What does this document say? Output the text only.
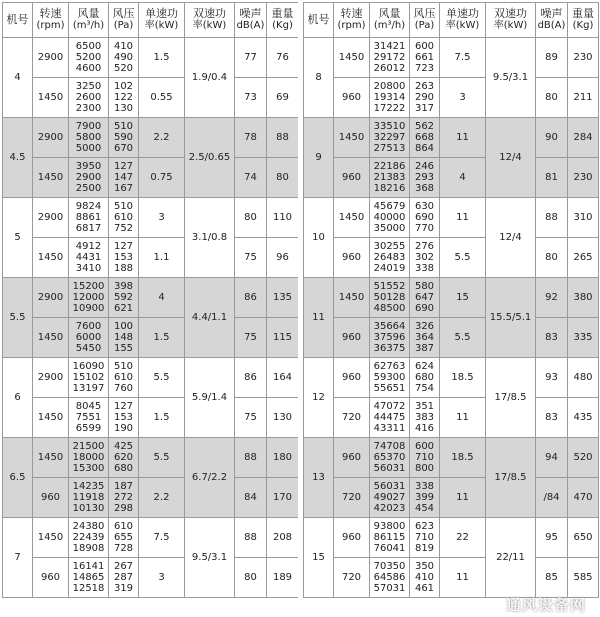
机号	转速
(rpm)	风量
(m³/h)	风压
(Pa)	单速功
率(kW)	双速功
率(kW)	噪声
dB(A)	重量
(Kg)

4	2900	6500
5200
4600	410
490
520	1.5	1.9/0.4	77	76
	1450	3250
2600
2300	102
122
130	0.55		73	69
4.5	2900	7900
5800
5000	510
590
670	2.2	2.5/0.65	78	88
	1450	3950
2900
2500	127
147
167	0.75		74	80
5	2900	9824
8861
6817	510
610
752	3	3.1/0.8	80	110
	1450	4912
4431
3410	127
153
188	1.1		75	96
5.5	2900	15200
12000
10900	398
592
621	4	4.4/1.1	86	135
	1450	7600
6000
5450	100
148
155	1.5		75	115
6	2900	16090
15102
13197	510
610
760	5.5	5.9/1.4	86	164
	1450	8045
7551
6599	127
153
190	1.5		75	130
6.5	1450	21500
18000
15300	425
620
680	5.5	6.7/2.2	88	180
	960	14235
11918
10130	187
272
298	2.2		84	170
7	1450	24380
22439
18908	610
655
728	7.5	9.5/3.1	88	208
	960	16141
14865
12518	267
287
319	3		80	189
机号	转速
(rpm)	风量
(m³/h)	风压
(Pa)	单速功
率(kW)	双速功
率(kW)	噪声
dB(A)	重量
(Kg)

8	1450	31421
29172
26012	600
661
723	7.5	9.5/3.1	89	230
	960	20800
19314
17222	263
290
317	3		80	211
9	1450	33510
32297
27513	562
668
864	11	12/4	90	284
	960	22186
21383
18216	246
293
368	4		81	230
10	1450	45679
40000
35000	630
690
770	11	12/4	88	310
	960	30255
26483
24019	276
302
338	5.5		80	265
11	1450	51552
50128
48500	580
647
690	15	15.5/5.1	92	380
	960	35664
37596
36375	326
364
387	5.5		83	335
12	960	62763
59300
55651	624
680
754	18.5	17/8.5	93	480
	720	47072
44475
43311	351
383
416	11		83	435
13	960	74708
65370
56031	600
710
800	18.5	17/8.5	94	520
	720	56031
49027
42023	338
399
454	11		/84	470
15	960	93800
86115
76041	623
710
819	22	22/11	95	650
	720	70350
64586
57031	350
410
461	11		85	585
通风设备网
